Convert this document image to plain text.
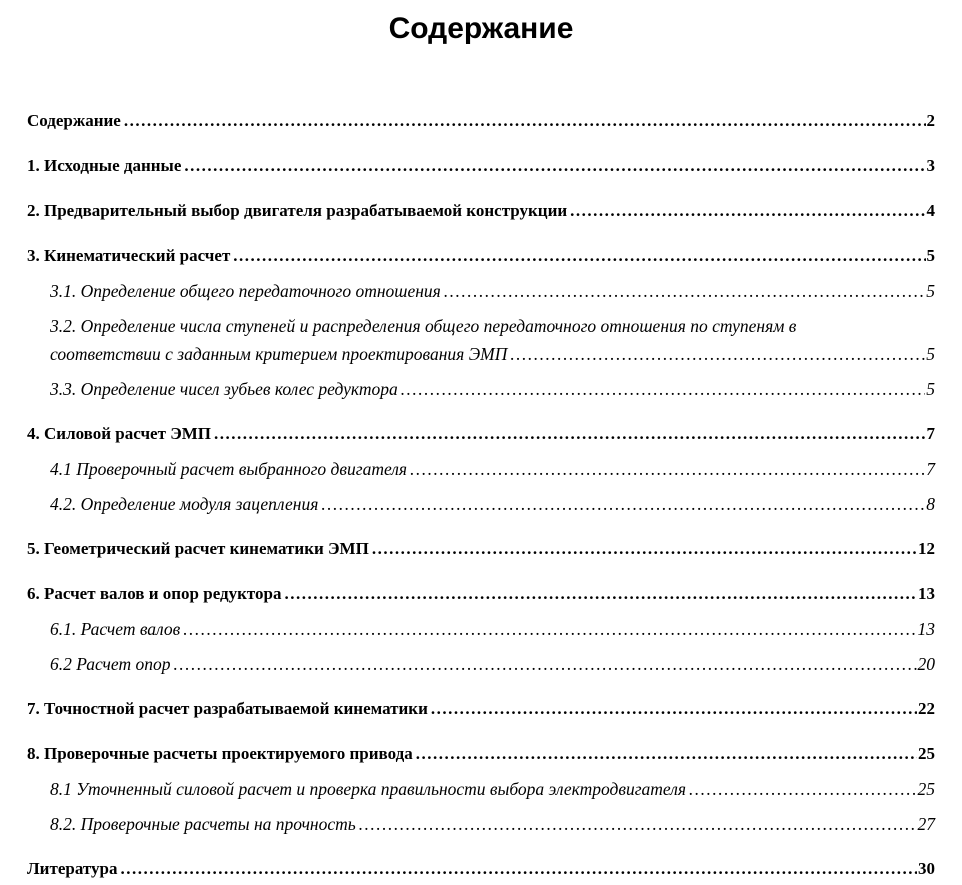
Содержание
Содержание .....	2
1. Исходные данные .....	3
2. Предварительный выбор двигателя разрабатываемой конструкции .....	4
3. Кинематический расчет .....	5
3.1. Определение общего передаточного отношения .....	5
3.2. Определение числа ступеней и распределения общего передаточного отношения по ступеням в
соответствии с заданным критерием проектирования ЭМП .....	5
3.3. Определение чисел зубьев колес редуктора .....	5
4. Силовой расчет ЭМП .....	7
4.1 Проверочный расчет выбранного двигателя .....	7
4.2. Определение модуля зацепления .....	8
5. Геометрический расчет кинематики ЭМП .....	12
6. Расчет валов и опор редуктора .....	13
6.1. Расчет валов .....	13
6.2 Расчет опор .....	20
7. Точностной расчет разрабатываемой кинематики .....	22
8. Проверочные расчеты проектируемого привода .....	25
8.1 Уточненный силовой расчет и проверка правильности выбора электродвигателя .....	25
8.2. Проверочные расчеты на прочность .....	27
Литература .....	30
